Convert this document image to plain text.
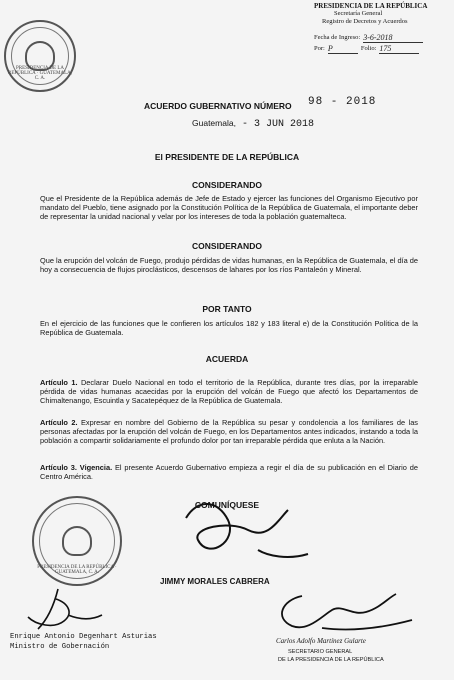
PRESIDENCIA DE LA REPÚBLICA · GUATEMALA, C. A.
PRESIDENCIA DE LA REPÚBLICA
Secretaría General
Registro de Decretos y Acuerdos
Fecha de Ingreso: 3-6-2018
Por: P	Folio: 175
ACUERDO GUBERNATIVO NÚMERO 98 - 2018
Guatemala, - 3 JUN 2018
El PRESIDENTE DE LA REPÚBLICA
CONSIDERANDO
Que el Presidente de la República además de Jefe de Estado y ejercer las funciones del Organismo Ejecutivo por mandato del Pueblo, tiene asignado por la Constitución Política de la República de Guatemala, el importante deber de representar la unidad nacional y velar por los intereses de toda la población guatemalteca.
CONSIDERANDO
Que la erupción del volcán de Fuego, produjo pérdidas de vidas humanas, en la República de Guatemala, el día de hoy a consecuencia de flujos piroclásticos, descensos de lahares por los ríos Pantaleón y Mineral.
POR TANTO
En el ejercicio de las funciones que le confieren los artículos 182 y 183 literal e) de la Constitución Política de la República de Guatemala.
ACUERDA
Artículo 1. Declarar Duelo Nacional en todo el territorio de la República, durante tres días, por la irreparable pérdida de vidas humanas acaecidas por la erupción del volcán de Fuego que afectó los Departamentos de Chimaltenango, Escuintla y Sacatepéquez de la República de Guatemala.
Artículo 2. Expresar en nombre del Gobierno de la República su pesar y condolencia a los familiares de las personas afectadas por la erupción del volcán de Fuego, en los Departamentos antes indicados, instando a toda la población a compartir solidariamente el profundo dolor por tan irreparable pérdida que enluta a la Nación.
Artículo 3. Vigencia. El presente Acuerdo Gubernativo empieza a regir el día de su publicación en el Diario de Centro América.
COMUNÍQUESE
PRESIDENCIA DE LA REPÚBLICA · GUATEMALA, C. A.
JIMMY MORALES CABRERA
Enrique Antonio Degenhart Asturias
Ministro de Gobernación
Carlos Adolfo Martínez Gularte
SECRETARIO GENERAL
DE LA PRESIDENCIA DE LA REPÚBLICA
